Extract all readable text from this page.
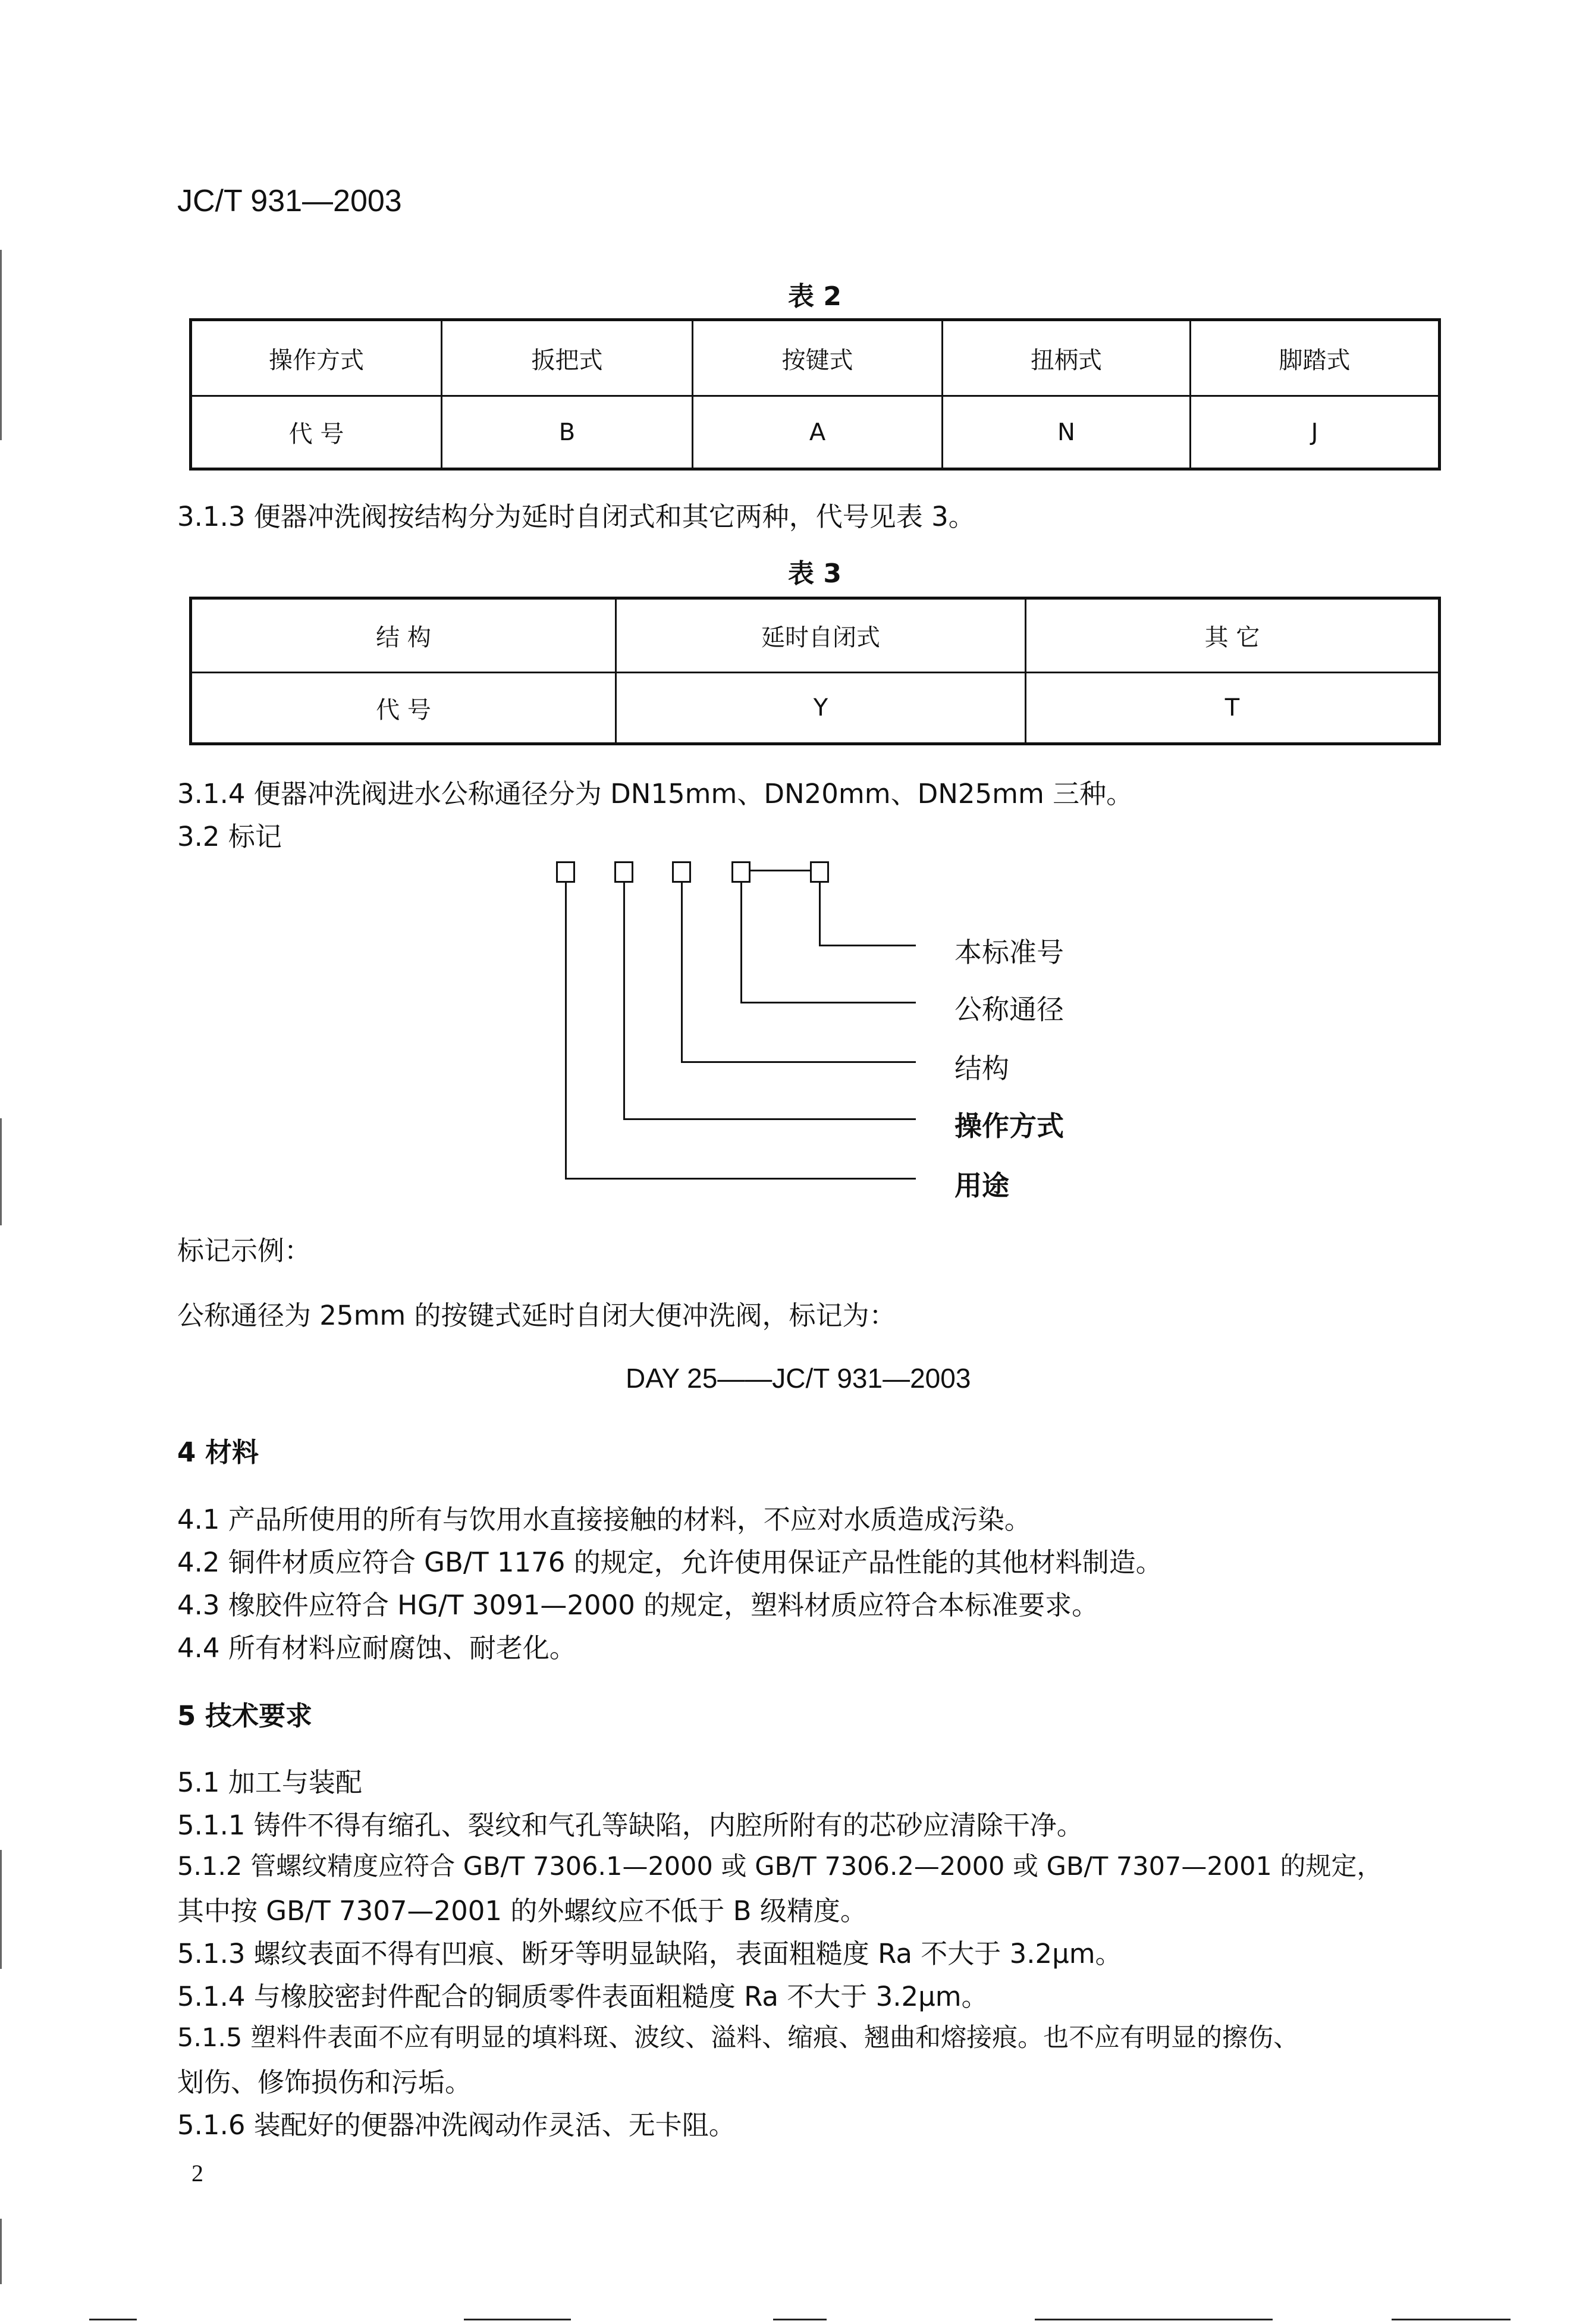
JC/T 931—2003
表 2
操作方式	扳把式	按键式	扭柄式	脚踏式
代 号	B	A	N	J
3.1.3 便器冲洗阀按结构分为延时自闭式和其它两种，代号见表 3。
表 3
结 构	延时自闭式	其 它
代 号	Y	T
3.1.4 便器冲洗阀进水公称通径分为 DN15mm、DN20mm、DN25mm 三种。
3.2 标记
本标准号
公称通径
结构
操作方式
用途
标记示例：
公称通径为 25mm 的按键式延时自闭大便冲洗阀，标记为：
DAY 25——JC/T 931—2003
4 材料
4.1 产品所使用的所有与饮用水直接接触的材料，不应对水质造成污染。
4.2 铜件材质应符合 GB/T 1176 的规定，允许使用保证产品性能的其他材料制造。
4.3 橡胶件应符合 HG/T 3091—2000 的规定，塑料材质应符合本标准要求。
4.4 所有材料应耐腐蚀、耐老化。
5 技术要求
5.1 加工与装配
5.1.1 铸件不得有缩孔、裂纹和气孔等缺陷，内腔所附有的芯砂应清除干净。
5.1.2 管螺纹精度应符合 GB/T 7306.1—2000 或 GB/T 7306.2—2000 或 GB/T 7307—2001 的规定，
其中按 GB/T 7307—2001 的外螺纹应不低于 B 级精度。
5.1.3 螺纹表面不得有凹痕、断牙等明显缺陷，表面粗糙度 Ra 不大于 3.2μm。
5.1.4 与橡胶密封件配合的铜质零件表面粗糙度 Ra 不大于 3.2μm。
5.1.5 塑料件表面不应有明显的填料斑、波纹、溢料、缩痕、翘曲和熔接痕。也不应有明显的擦伤、
划伤、修饰损伤和污垢。
5.1.6 装配好的便器冲洗阀动作灵活、无卡阻。
2
